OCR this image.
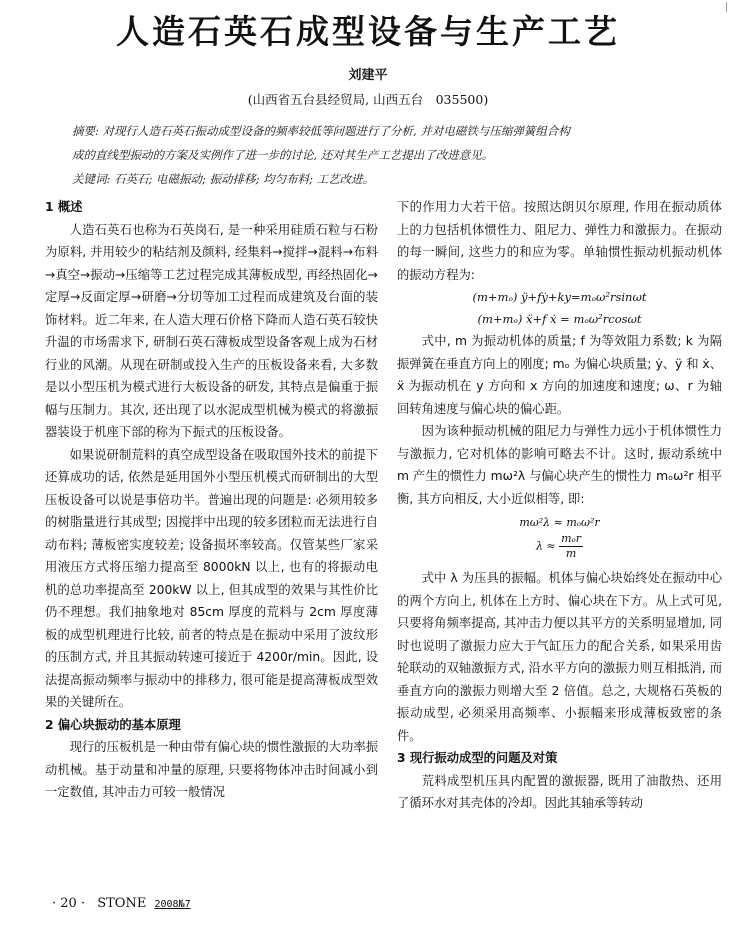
人造石英石成型设备与生产工艺
刘建平
(山西省五台县经贸局, 山西五台　035500)
摘要: 对现行人造石英石振动成型设备的频率较低等问题进行了分析, 并对电磁铁与压缩弹簧组合构
成的直线型振动的方案及实例作了进一步的讨论, 还对其生产工艺提出了改进意见。
关键词: 石英石; 电磁振动; 振动排移; 均匀布料; 工艺改进。
1 概述

人造石英石也称为石英岗石, 是一种采用硅质石粒与石粉为原料, 并用较少的粘结剂及颜料, 经集料→搅拌→混料→布料→真空→振动→压缩等工艺过程完成其薄板成型, 再经热固化→定厚→反面定厚→研磨→分切等加工过程而成建筑及台面的装饰材料。近二年来, 在人造大理石价格下降而人造石英石较快升温的市场需求下, 研制石英石薄板成型设备客观上成为石材行业的风潮。从现在研制或投入生产的压板设备来看, 大多数是以小型压机为模式进行大板设备的研发, 其特点是偏重于振幅与压制力。其次, 还出现了以水泥成型机械为模式的将激振器装设于机座下部的称为下振式的压板设备。

如果说研制荒料的真空成型设备在吸取国外技术的前提下还算成功的话, 依然是延用国外小型压机模式而研制出的大型压板设备可以说是事倍功半。普遍出现的问题是: 必须用较多的树脂量进行其成型; 因搅拌中出现的较多团粒而无法进行自动布料; 薄板密实度较差; 设备损坏率较高。仅管某些厂家采用液压方式将压缩力提高至 8000kN 以上, 也有的将振动电机的总功率提高至 200kW 以上, 但其成型的效果与其性价比仍不理想。我们抽象地对 85cm 厚度的荒料与 2cm 厚度薄板的成型机理进行比较, 前者的特点是在振动中采用了波纹形的压制方式, 并且其振动转速可接近于 4200r/min。因此, 设法提高振动频率与振动中的排移力, 很可能是提高薄板成型效果的关键所在。

2 偏心块振动的基本原理

现行的压板机是一种由带有偏心块的惯性激振的大功率振动机械。基于动量和冲量的原理, 只要将物体冲击时间减小到一定数值, 其冲击力可较一般情况

下的作用力大若干倍。按照达朗贝尔原理, 作用在振动质体上的力包括机体惯性力、阻尼力、弹性力和激振力。在振动的每一瞬间, 这些力的和应为零。单轴惯性振动机振动机体的振动方程为:

(m+mₒ) ÿ+fẏ+ky=mₒω²rsinωt
(m+mₒ) ẍ+f ẋ = mₒω²rcosωt

式中, m 为振动机体的质量; f 为等效阻力系数; k 为隔振弹簧在垂直方向上的刚度; mₒ 为偏心块质量; ẏ、ÿ 和 ẋ、ẍ 为振动机在 y 方向和 x 方向的加速度和速度; ω、r 为轴回转角速度与偏心块的偏心距。

因为该种振动机械的阻尼力与弹性力远小于机体惯性力与激振力, 它对机体的影响可略去不计。这时, 振动系统中 m 产生的惯性力 mω²λ 与偏心块产生的惯性力 mₒω²r 相平衡, 其方向相反, 大小近似相等, 即:

mω²λ ≈ mₒω²r
$\lambda \approx \frac{\text{mₒr}}{m}$

式中 λ 为压具的振幅。机体与偏心块始终处在振动中心的两个方向上, 机体在上方时、偏心块在下方。从上式可见, 只要将角频率提高, 其冲击力便以其平方的关系明显增加, 同时也说明了激振力应大于气缸压力的配合关系, 如果采用齿轮联动的双轴激振方式, 沿水平方向的激振力则互相抵消, 而垂直方向的激振力则增大至 2 倍值。总之, 大规格石英板的振动成型, 必须采用高频率、小振幅来形成薄板致密的条件。

3 现行振动成型的问题及对策

荒料成型机压具内配置的激振器, 既用了油散热、还用了循环水对其壳体的冷却。因此其轴承等转动

· 20 · STONE 2008№7
